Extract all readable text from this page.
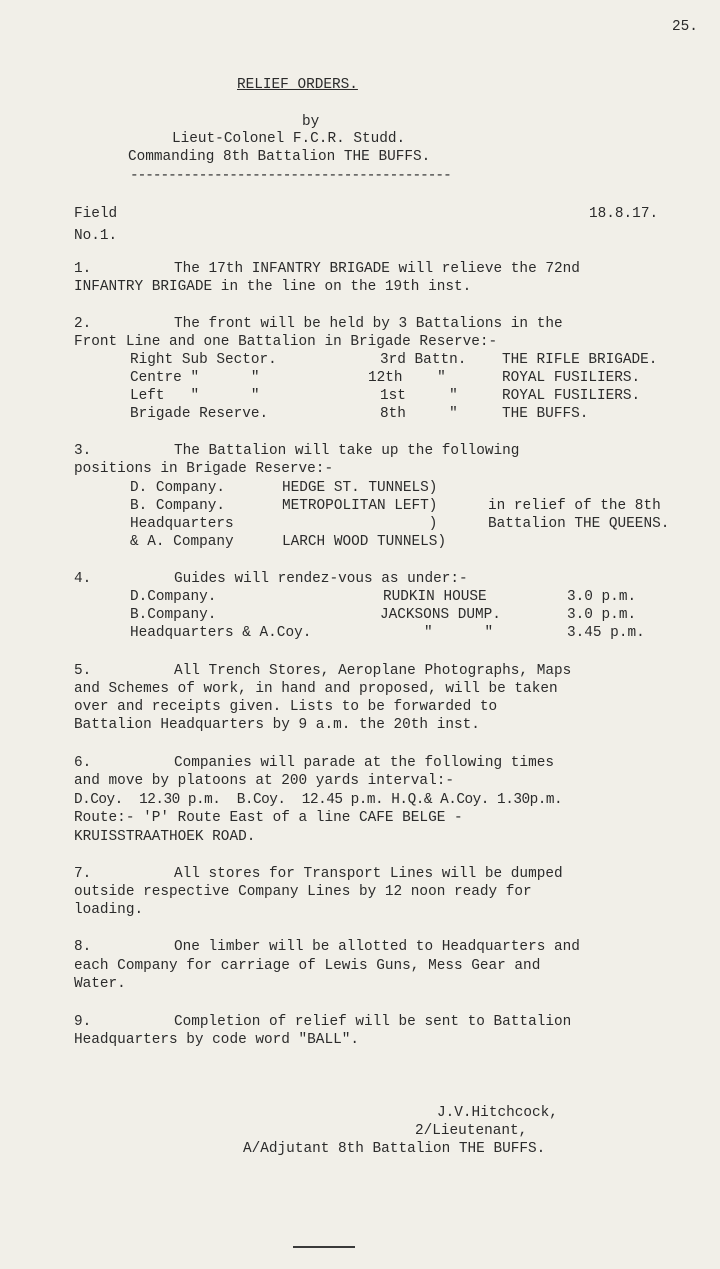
25.
RELIEF ORDERS.
by
Lieut-Colonel F.C.R. Studd.
Commanding 8th Battalion THE BUFFS.
------------------------------------------
Field
No.1.
18.8.17.
1.	The 17th INFANTRY BRIGADE will relieve the 72nd
INFANTRY BRIGADE in the line on the 19th inst.
2.	The front will be held by 3 Battalions in the
Front Line and one Battalion in Brigade Reserve:-
Right Sub Sector.	3rd Battn. THE RIFLE BRIGADE.
Centre "      "	12th    "	ROYAL FUSILIERS.
Left   "      "	1st     "	ROYAL FUSILIERS.
Brigade Reserve.	8th     "	THE BUFFS.
3.	The Battalion will take up the following
positions in Brigade Reserve:-
D. Company.	HEDGE ST. TUNNELS)
B. Company.	METROPOLITAN LEFT)	in relief of the 8th
Headquarters	)	Battalion THE QUEENS.
& A. Company	LARCH WOOD TUNNELS)
4.	Guides will rendez-vous as under:-
D.Company.	RUDKIN HOUSE	3.0 p.m.
B.Company.	JACKSONS DUMP.	3.0 p.m.
Headquarters & A.Coy.	"      "	3.45 p.m.
5.	All Trench Stores, Aeroplane Photographs, Maps
and Schemes of work, in hand and proposed, will be taken
over and receipts given. Lists to be forwarded to
Battalion Headquarters by 9 a.m. the 20th inst.
6.	Companies will parade at the following times
and move by platoons at 200 yards interval:-
D.Coy.  12.30 p.m.  B.Coy.  12.45 p.m. H.Q.& A.Coy. 1.30p.m.
Route:- 'P' Route East of a line CAFE BELGE -
KRUISSTRAATHOEK ROAD.
7.	All stores for Transport Lines will be dumped
outside respective Company Lines by 12 noon ready for
loading.
8.	One limber will be allotted to Headquarters and
each Company for carriage of Lewis Guns, Mess Gear and
Water.
9.	Completion of relief will be sent to Battalion
Headquarters by code word "BALL".
J.V.Hitchcock,
2/Lieutenant,
A/Adjutant 8th Battalion THE BUFFS.
